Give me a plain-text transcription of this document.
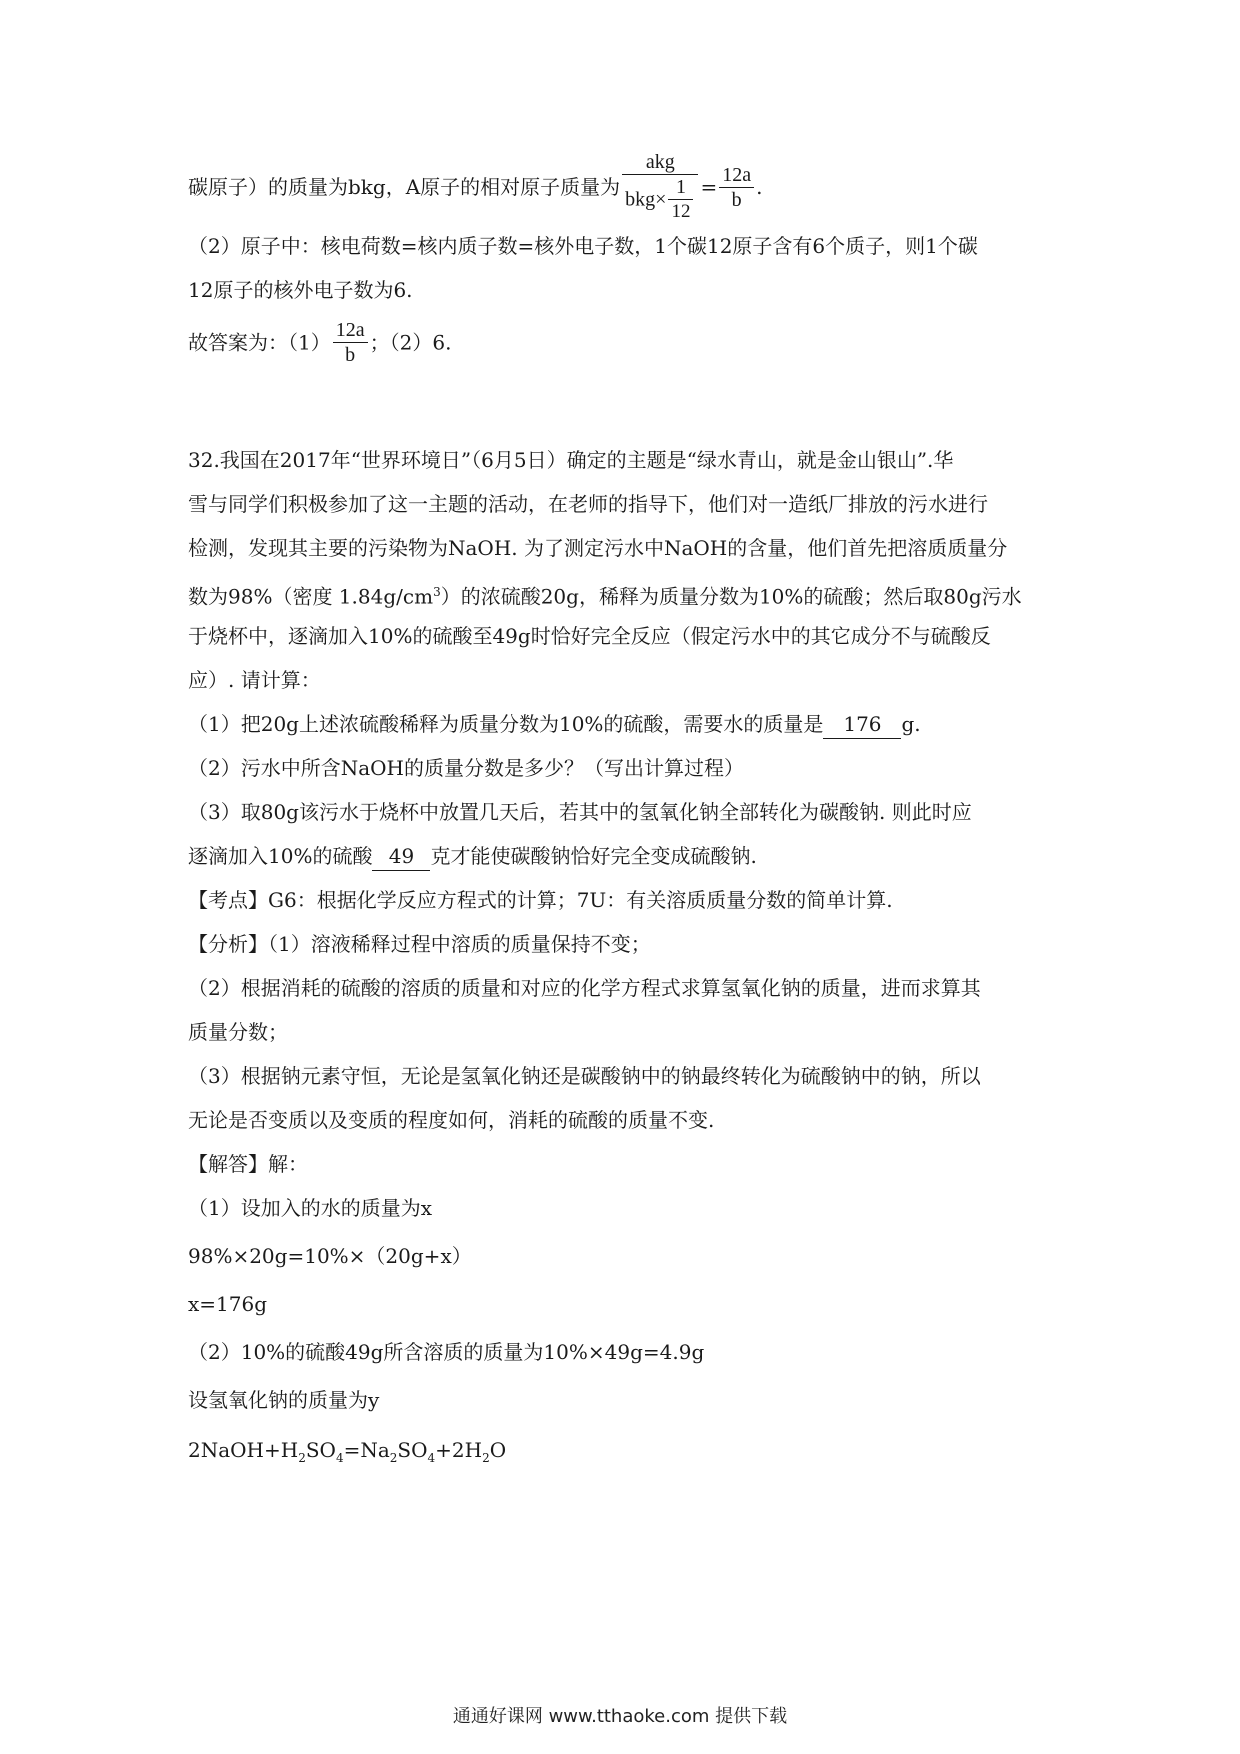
碳原子）的质量为bkg，A原子的相对原子质量为 $\frac{\text{akg}}{bkg\times \frac{1}{12}} = \frac{12a}{b}$ .
（2）原子中：核电荷数=核内质子数=核外电子数，1个碳12原子含有6个质子，则1个碳
12原子的核外电子数为6.
故答案为：$(1) \frac{12a}{b}$ ；（2）6.
32.我国在2017年“世界环境日”（6月5日）确定的主题是“绿水青山，就是金山银山”.华
雪与同学们积极参加了这一主题的活动，在老师的指导下，他们对一造纸厂排放的污水进行
检测，发现其主要的污染物为NaOH. 为了测定污水中NaOH的含量，他们首先把溶质质量分
数为98%（密度 $1.84g/cm^3$）的浓硫酸20g，稀释为质量分数为10%的硫酸；然后取80g污水
于烧杯中，逐滴加入10%的硫酸至49g时恰好完全反应（假定污水中的其它成分不与硫酸反
应）. 请计算：
（1）把20g上述浓硫酸稀释为质量分数为10%的硫酸，需要水的质量是 176 g.
（2）污水中所含NaOH的质量分数是多少？（写出计算过程）
（3）取80g该污水于烧杯中放置几天后，若其中的氢氧化钠全部转化为碳酸钠. 则此时应
逐滴加入10%的硫酸 49 克才能使碳酸钠恰好完全变成硫酸钠.
【考点】G6：根据化学反应方程式的计算；7U：有关溶质质量分数的简单计算.
【分析】（1）溶液稀释过程中溶质的质量保持不变；
（2）根据消耗的硫酸的溶质的质量和对应的化学方程式求算氢氧化钠的质量，进而求算其
质量分数；
（3）根据钠元素守恒，无论是氢氧化钠还是碳酸钠中的钠最终转化为硫酸钠中的钠，所以
无论是否变质以及变质的程度如何，消耗的硫酸的质量不变.
【解答】解：
（1）设加入的水的质量为x
98%×20g=10%×（20g+x）
x=176g
（2）10%的硫酸49g所含溶质的质量为10%×49g=4.9g
设氢氧化钠的质量为y
$2NaOH+H_2SO_4=Na_2SO_4+2H_2O$
通通好课网 www.tthaoke.com 提供下载
